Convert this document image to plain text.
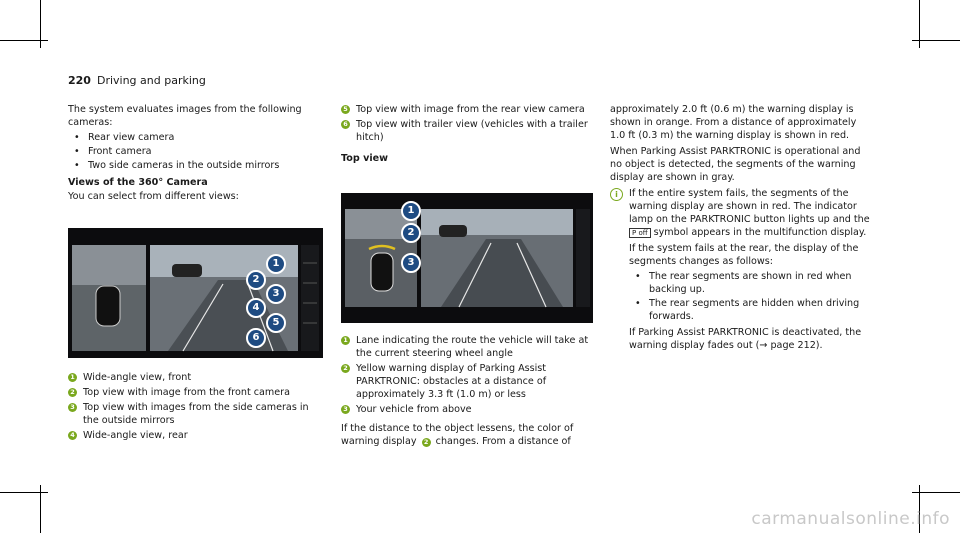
220 Driving and parking

The system evaluates images from the following cameras:

• Rear view camera
• Front camera
• Two side cameras in the outside mirrors
Views of the 360° Camera

You can select from different views:

1
2
3
4
5
6
1 Wide-angle view, front
2 Top view with image from the front camera
3 Top view with images from the side cameras in the outside mirrors
4 Wide-angle view, rear
5 Top view with image from the rear view camera
6 Top view with trailer view (vehicles with a trailer hitch)
Top view
1
2
3
1 Lane indicating the route the vehicle will take at the current steering wheel angle
2 Yellow warning display of Parking Assist PARKTRONIC: obstacles at a distance of approximately 3.3 ft (1.0 m) or less
3 Your vehicle from above

If the distance to the object lessens, the color of warning display 2 changes. From a distance of

approximately 2.0 ft (0.6 m) the warning display is shown in orange. From a distance of approximately 1.0 ft (0.3 m) the warning display is shown in red.

When Parking Assist PARKTRONIC is operational and no object is detected, the segments of the warning display are shown in gray.

i	If the entire system fails, the segments of the warning display are shown in red. The indicator lamp on the PARKTRONIC button lights up and the P off symbol appears in the multifunction display.

If the system fails at the rear, the display of the segments changes as follows:

• The rear segments are shown in red when backing up.
• The rear segments are hidden when driving forwards.

If Parking Assist PARKTRONIC is deactivated, the warning display fades out (→ page 212).

carmanualsonline.info
